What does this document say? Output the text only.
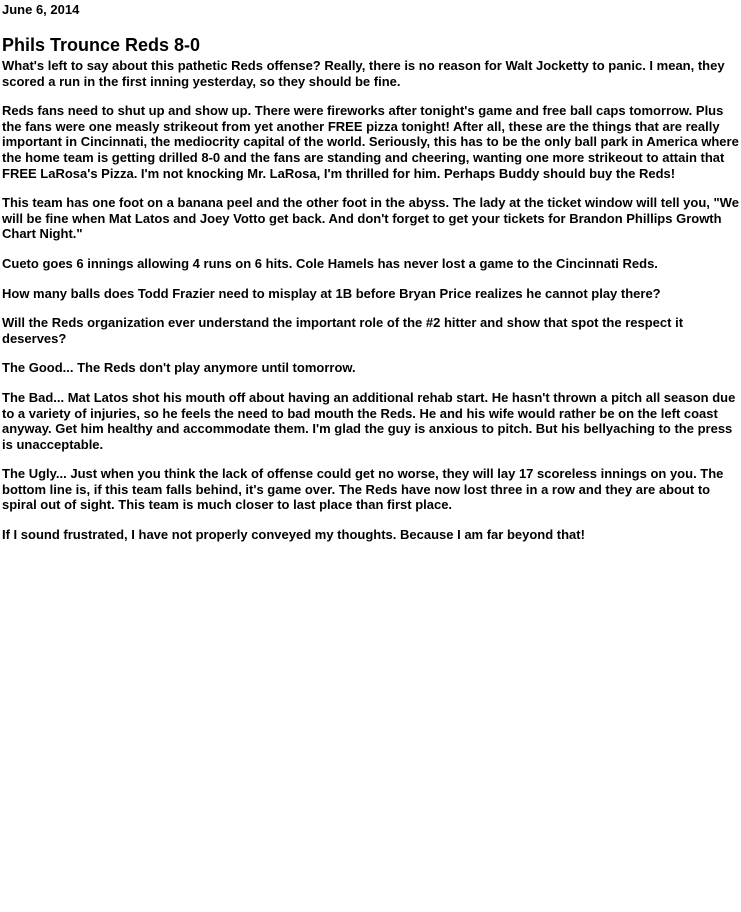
June 6, 2014
Phils Trounce Reds 8-0

What's left to say about this pathetic Reds offense? Really, there is no reason for Walt Jocketty to panic. I mean, they scored a run in the first inning yesterday, so they should be fine.

Reds fans need to shut up and show up. There were fireworks after tonight's game and free ball caps tomorrow. Plus the fans were one measly strikeout from yet another FREE pizza tonight! After all, these are the things that are really important in Cincinnati, the mediocrity capital of the world. Seriously, this has to be the only ball park in America where the home team is getting drilled 8-0 and the fans are standing and cheering, wanting one more strikeout to attain that FREE LaRosa's Pizza. I'm not knocking Mr. LaRosa, I'm thrilled for him. Perhaps Buddy should buy the Reds!

This team has one foot on a banana peel and the other foot in the abyss. The lady at the ticket window will tell you, "We will be fine when Mat Latos and Joey Votto get back. And don't forget to get your tickets for Brandon Phillips Growth Chart Night."

Cueto goes 6 innings allowing 4 runs on 6 hits. Cole Hamels has never lost a game to the Cincinnati Reds.

How many balls does Todd Frazier need to misplay at 1B before Bryan Price realizes he cannot play there?

Will the Reds organization ever understand the important role of the #2 hitter and show that spot the respect it deserves?

The Good... The Reds don't play anymore until tomorrow.

The Bad... Mat Latos shot his mouth off about having an additional rehab start. He hasn't thrown a pitch all season due to a variety of injuries, so he feels the need to bad mouth the Reds. He and his wife would rather be on the left coast anyway. Get him healthy and accommodate them. I'm glad the guy is anxious to pitch. But his bellyaching to the press is unacceptable.

The Ugly... Just when you think the lack of offense could get no worse, they will lay 17 scoreless innings on you. The bottom line is, if this team falls behind, it's game over. The Reds have now lost three in a row and they are about to spiral out of sight. This team is much closer to last place than first place.

If I sound frustrated, I have not properly conveyed my thoughts. Because I am far beyond that!
